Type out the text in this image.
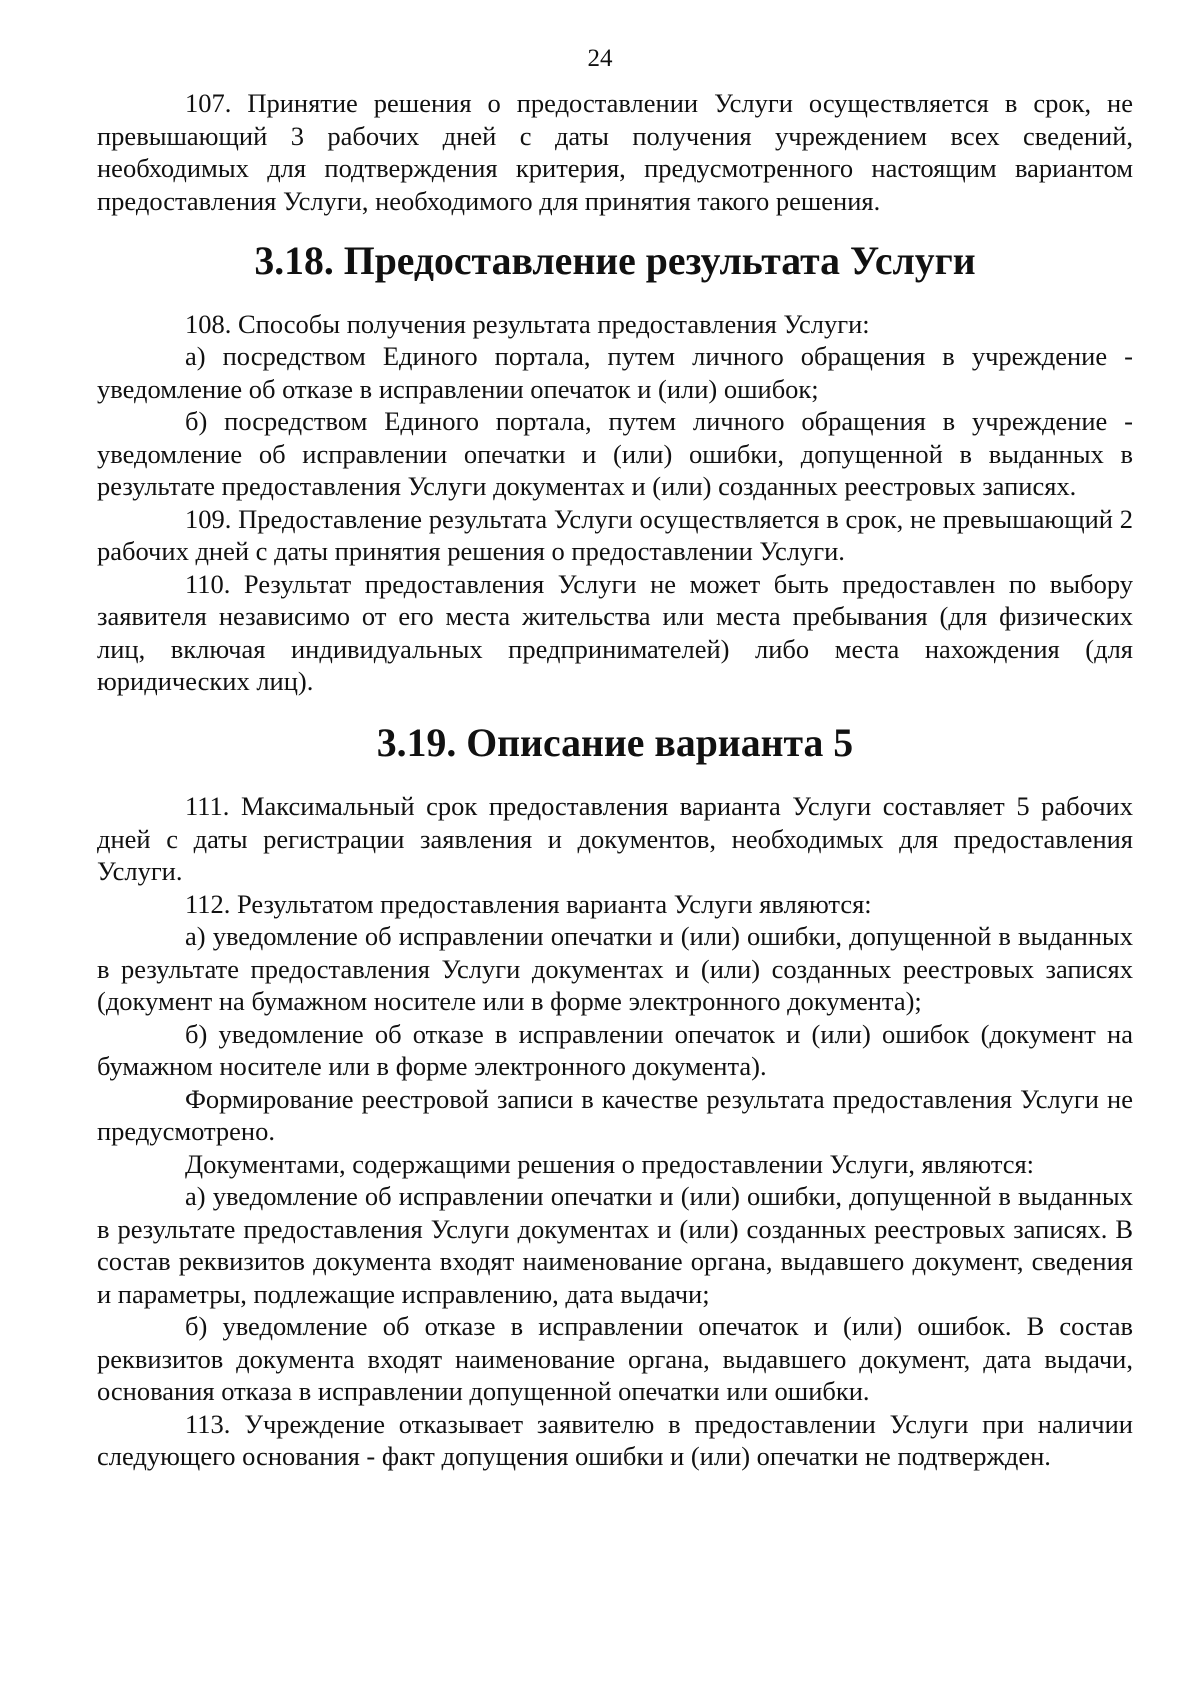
24

107. Принятие решения о предоставлении Услуги осуществляется в срок, не превышающий 3 рабочих дней с даты получения учреждением всех сведений, необходимых для подтверждения критерия, предусмотренного настоящим вариантом предоставления Услуги, необходимого для принятия такого решения.

3.18. Предоставление результата Услуги

108. Способы получения результата предоставления Услуги:

а) посредством Единого портала, путем личного обращения в учреждение - уведомление об отказе в исправлении опечаток и (или) ошибок;

б) посредством Единого портала, путем личного обращения в учреждение - уведомление об исправлении опечатки и (или) ошибки, допущенной в выданных в результате предоставления Услуги документах и (или) созданных реестровых записях.

109. Предоставление результата Услуги осуществляется в срок, не превышающий 2 рабочих дней с даты принятия решения о предоставлении Услуги.

110. Результат предоставления Услуги не может быть предоставлен по выбору заявителя независимо от его места жительства или места пребывания (для физических лиц, включая индивидуальных предпринимателей) либо места нахождения (для юридических лиц).

3.19. Описание варианта 5

111. Максимальный срок предоставления варианта Услуги составляет 5 рабочих дней с даты регистрации заявления и документов, необходимых для предоставления Услуги.

112. Результатом предоставления варианта Услуги являются:

а) уведомление об исправлении опечатки и (или) ошибки, допущенной в выданных в результате предоставления Услуги документах и (или) созданных реестровых записях (документ на бумажном носителе или в форме электронного документа);

б) уведомление об отказе в исправлении опечаток и (или) ошибок (документ на бумажном носителе или в форме электронного документа).

Формирование реестровой записи в качестве результата предоставления Услуги не предусмотрено.

Документами, содержащими решения о предоставлении Услуги, являются:

а) уведомление об исправлении опечатки и (или) ошибки, допущенной в выданных в результате предоставления Услуги документах и (или) созданных реестровых записях. В состав реквизитов документа входят наименование органа, выдавшего документ, сведения и параметры, подлежащие исправлению, дата выдачи;

б) уведомление об отказе в исправлении опечаток и (или) ошибок. В состав реквизитов документа входят наименование органа, выдавшего документ, дата выдачи, основания отказа в исправлении допущенной опечатки или ошибки.

113. Учреждение отказывает заявителю в предоставлении Услуги при наличии следующего основания - факт допущения ошибки и (или) опечатки не подтвержден.
